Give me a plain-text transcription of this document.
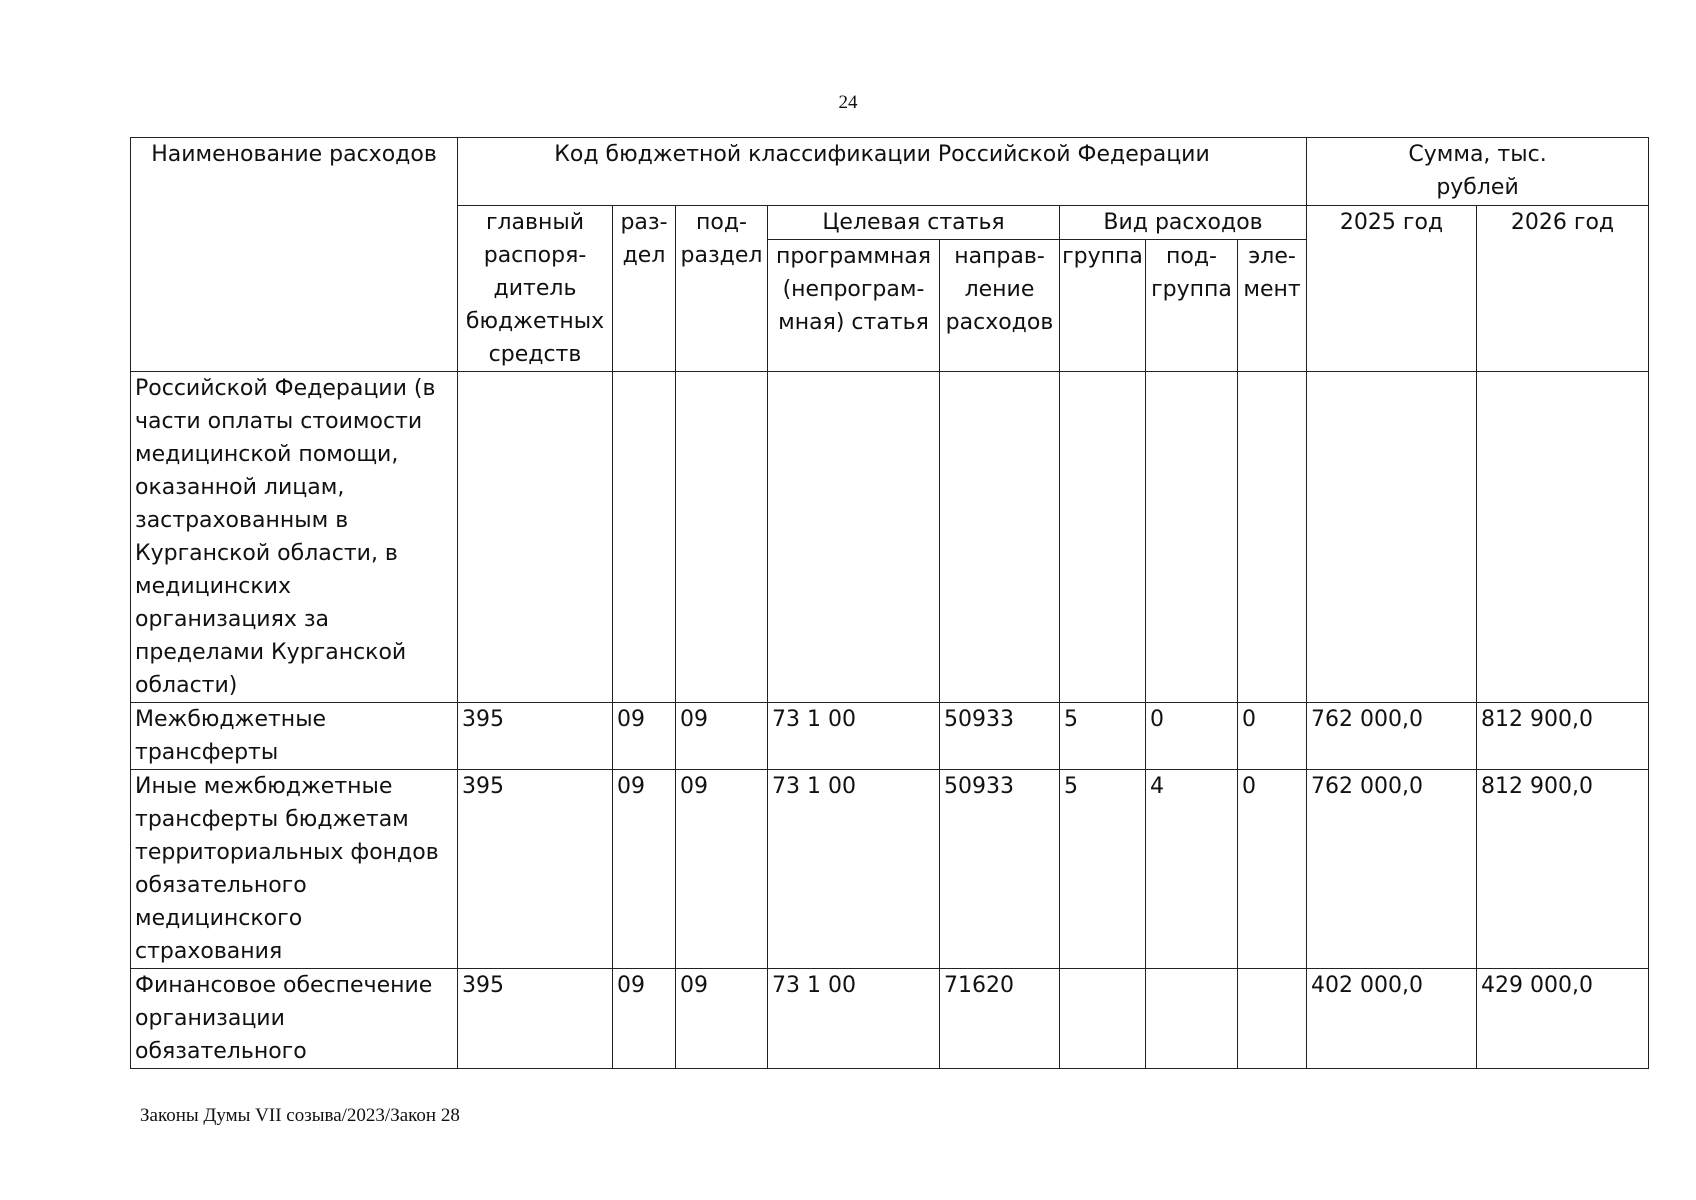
24
Наименование расходов	Код бюджетной классификации Российской Федерации								Сумма, тыс. рублей	
	главный распоря-дитель бюджетных средств	раз-дел	под-раздел	Целевая статья		Вид расходов			2025 год	2026 год
				программная (непрограм-мная) статья	направ-ление расходов	группа	под-группа	эле-мент		
Российской Федерации (в части оплаты стоимости медицинской помощи, оказанной лицам, застрахованным в Курганской области, в медицинских организациях за пределами Курганской области)										
Межбюджетные трансферты	395	09	09	73 1 00	50933	5	0	0	762 000,0	812 900,0
Иные межбюджетные трансферты бюджетам территориальных фондов обязательного медицинского страхования	395	09	09	73 1 00	50933	5	4	0	762 000,0	812 900,0
Финансовое обеспечение организации обязательного	395	09	09	73 1 00	71620				402 000,0	429 000,0
Законы Думы VII созыва/2023/Закон 28
